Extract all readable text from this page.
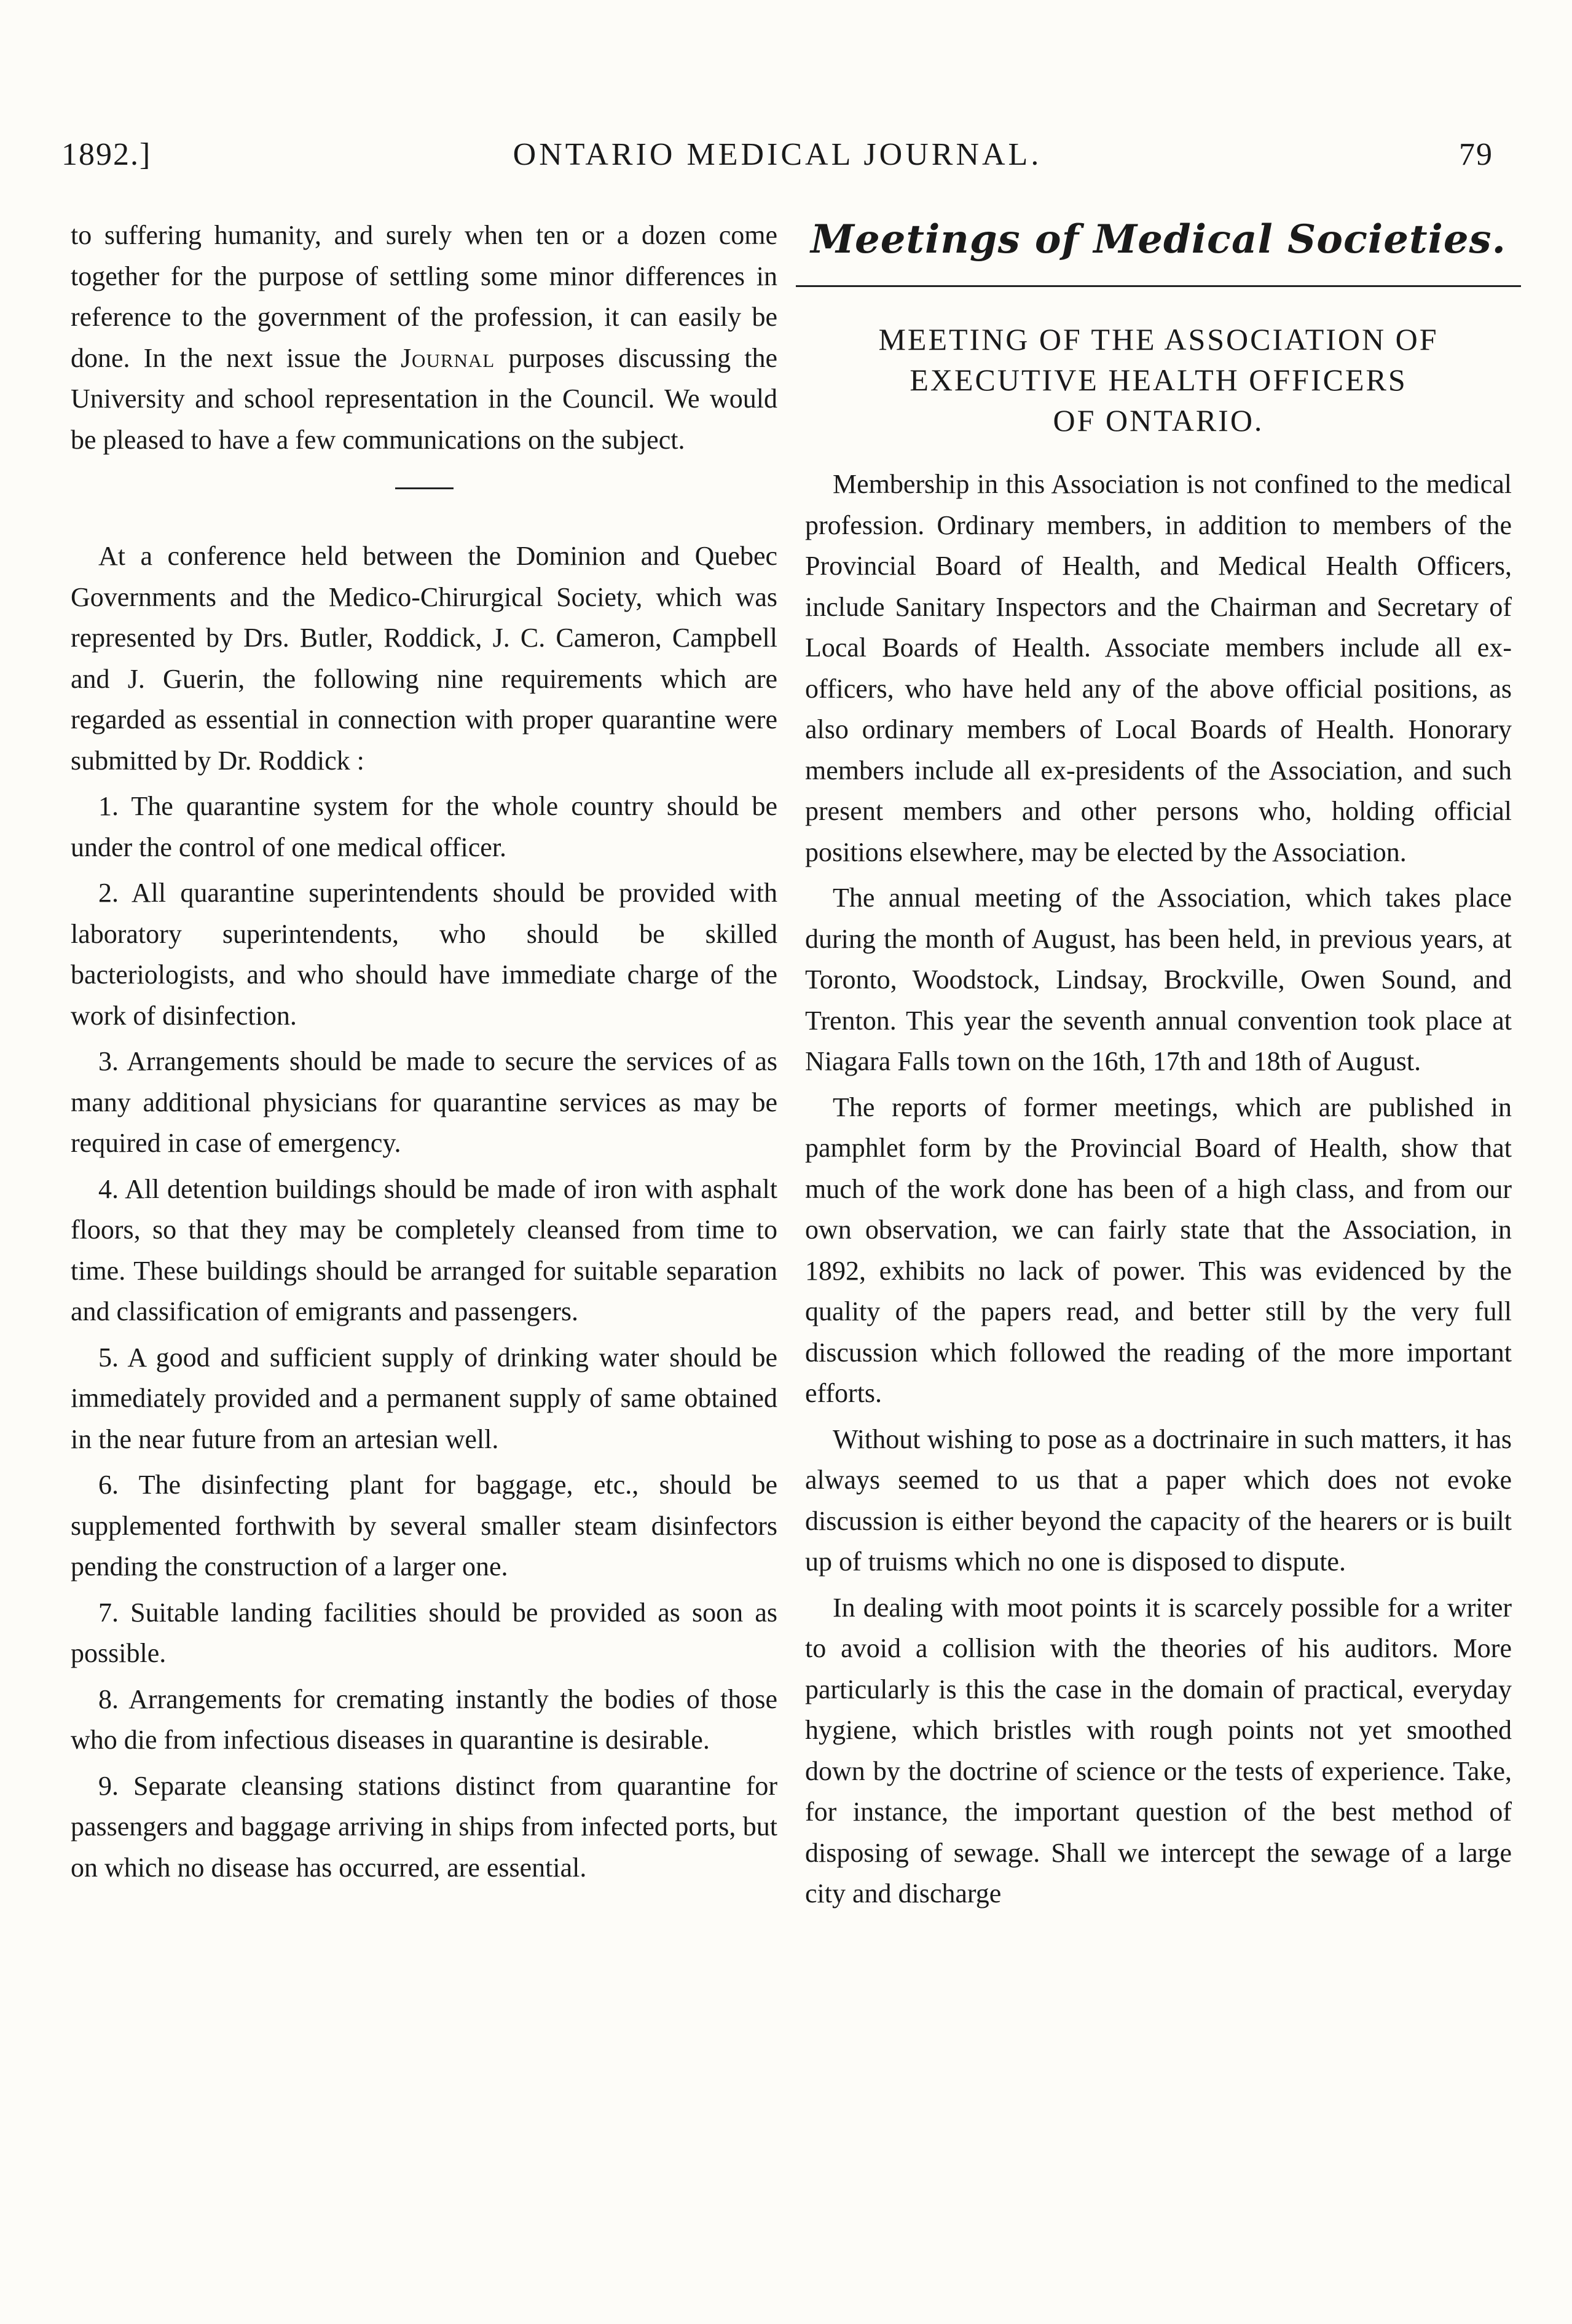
1892.]	ONTARIO MEDICAL JOURNAL.	79

to suffering humanity, and surely when ten or a dozen come together for the purpose of settling some minor differences in reference to the government of the profession, it can easily be done. In the next issue the Journal purposes discussing the University and school representation in the Council. We would be pleased to have a few communications on the subject.

At a conference held between the Dominion and Quebec Governments and the Medico-Chirurgical Society, which was represented by Drs. Butler, Roddick, J. C. Cameron, Campbell and J. Guerin, the following nine requirements which are regarded as essential in connection with proper quarantine were submitted by Dr. Roddick :

1. The quarantine system for the whole country should be under the control of one medical officer.

2. All quarantine superintendents should be provided with laboratory superintendents, who should be skilled bacteriologists, and who should have immediate charge of the work of disinfection.

3. Arrangements should be made to secure the services of as many additional physicians for quarantine services as may be required in case of emergency.

4. All detention buildings should be made of iron with asphalt floors, so that they may be completely cleansed from time to time. These buildings should be arranged for suitable separation and classification of emigrants and passengers.

5. A good and sufficient supply of drinking water should be immediately provided and a permanent supply of same obtained in the near future from an artesian well.

6. The disinfecting plant for baggage, etc., should be supplemented forthwith by several smaller steam disinfectors pending the construction of a larger one.

7. Suitable landing facilities should be provided as soon as possible.

8. Arrangements for cremating instantly the bodies of those who die from infectious diseases in quarantine is desirable.

9. Separate cleansing stations distinct from quarantine for passengers and baggage arriving in ships from infected ports, but on which no disease has occurred, are essential.

Meetings of Medical Societies.
MEETING OF THE ASSOCIATION OF
EXECUTIVE HEALTH OFFICERS
OF ONTARIO.

Membership in this Association is not confined to the medical profession. Ordinary members, in addition to members of the Provincial Board of Health, and Medical Health Officers, include Sanitary Inspectors and the Chairman and Secretary of Local Boards of Health. Associate members include all ex-officers, who have held any of the above official positions, as also ordinary members of Local Boards of Health. Honorary members include all ex-presidents of the Association, and such present members and other persons who, holding official positions elsewhere, may be elected by the Association.

The annual meeting of the Association, which takes place during the month of August, has been held, in previous years, at Toronto, Woodstock, Lindsay, Brockville, Owen Sound, and Trenton. This year the seventh annual convention took place at Niagara Falls town on the 16th, 17th and 18th of August.

The reports of former meetings, which are published in pamphlet form by the Provincial Board of Health, show that much of the work done has been of a high class, and from our own observation, we can fairly state that the Association, in 1892, exhibits no lack of power. This was evidenced by the quality of the papers read, and better still by the very full discussion which followed the reading of the more important efforts.

Without wishing to pose as a doctrinaire in such matters, it has always seemed to us that a paper which does not evoke discussion is either beyond the capacity of the hearers or is built up of truisms which no one is disposed to dispute.

In dealing with moot points it is scarcely possible for a writer to avoid a collision with the theories of his auditors. More particularly is this the case in the domain of practical, everyday hygiene, which bristles with rough points not yet smoothed down by the doctrine of science or the tests of experience. Take, for instance, the important question of the best method of disposing of sewage. Shall we intercept the sewage of a large city and discharge
